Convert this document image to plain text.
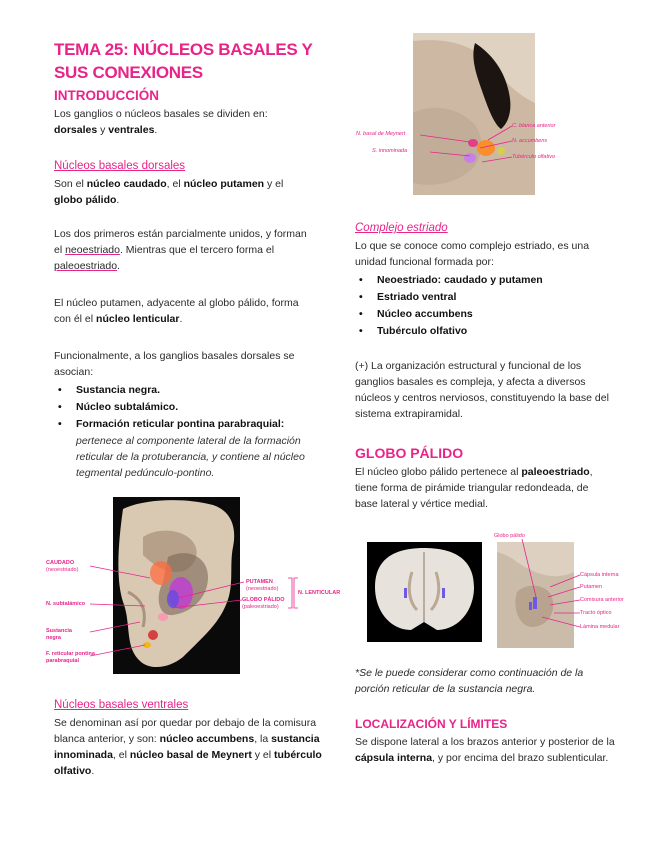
TEMA 25: NÚCLEOS BASALES Y
SUS CONEXIONES
INTRODUCCIÓN
Los ganglios o núcleos basales se dividen en:
dorsales y ventrales.
Núcleos basales dorsales
Son el núcleo caudado, el núcleo putamen y el
globo pálido.
Los dos primeros están parcialmente unidos, y forman
el neoestriado. Mientras que el tercero forma el
paleoestriado.
El núcleo putamen, adyacente al globo pálido, forma
con él el núcleo lenticular.
Funcionalmente, a los ganglios basales dorsales se
asocian:
• Sustancia negra.
• Núcleo subtalámico.
• Formación reticular pontina parabraquial:
pertenece al componente lateral de la formación
reticular de la protuberancia, y contiene al núcleo
tegmental pedúnculo-pontino.
CAUDADO
(neoestriado)
N. subtalámico
Sustancia
negra
F. reticular pontina
parabraquial
PUTAMEN
(neoestriado)
GLOBO PÁLIDO
(paleoestriado)
N. LENTICULAR
Núcleos basales ventrales
Se denominan así por quedar por debajo de la comisura
blanca anterior, y son: núcleo accumbens, la sustancia
innominada, el núcleo basal de Meynert y el tubérculo
olfativo.
N. basal de Meynert
S. innominada
C. blanca anterior
N. accumbens
Tubérculo olfativo
Complejo estriado
Lo que se conoce como complejo estriado, es una
unidad funcional formada por:
• Neoestriado: caudado y putamen
• Estriado ventral
• Núcleo accumbens
• Tubérculo olfativo
(+) La organización estructural y funcional de los
ganglios basales es compleja, y afecta a diversos
núcleos y centros nerviosos, constituyendo la base del
sistema extrapiramidal.
GLOBO PÁLIDO
El núcleo globo pálido pertenece al paleoestriado,
tiene forma de pirámide triangular redondeada, de
base lateral y vértice medial.
Globo pálido
Cápsula interna
Putamen
Comisura anterior
Tracto óptico
Lámina medular
*Se le puede considerar como continuación de la
porción reticular de la sustancia negra.
LOCALIZACIÓN Y LÍMITES
Se dispone lateral a los brazos anterior y posterior de la
cápsula interna, y por encima del brazo sublenticular.
